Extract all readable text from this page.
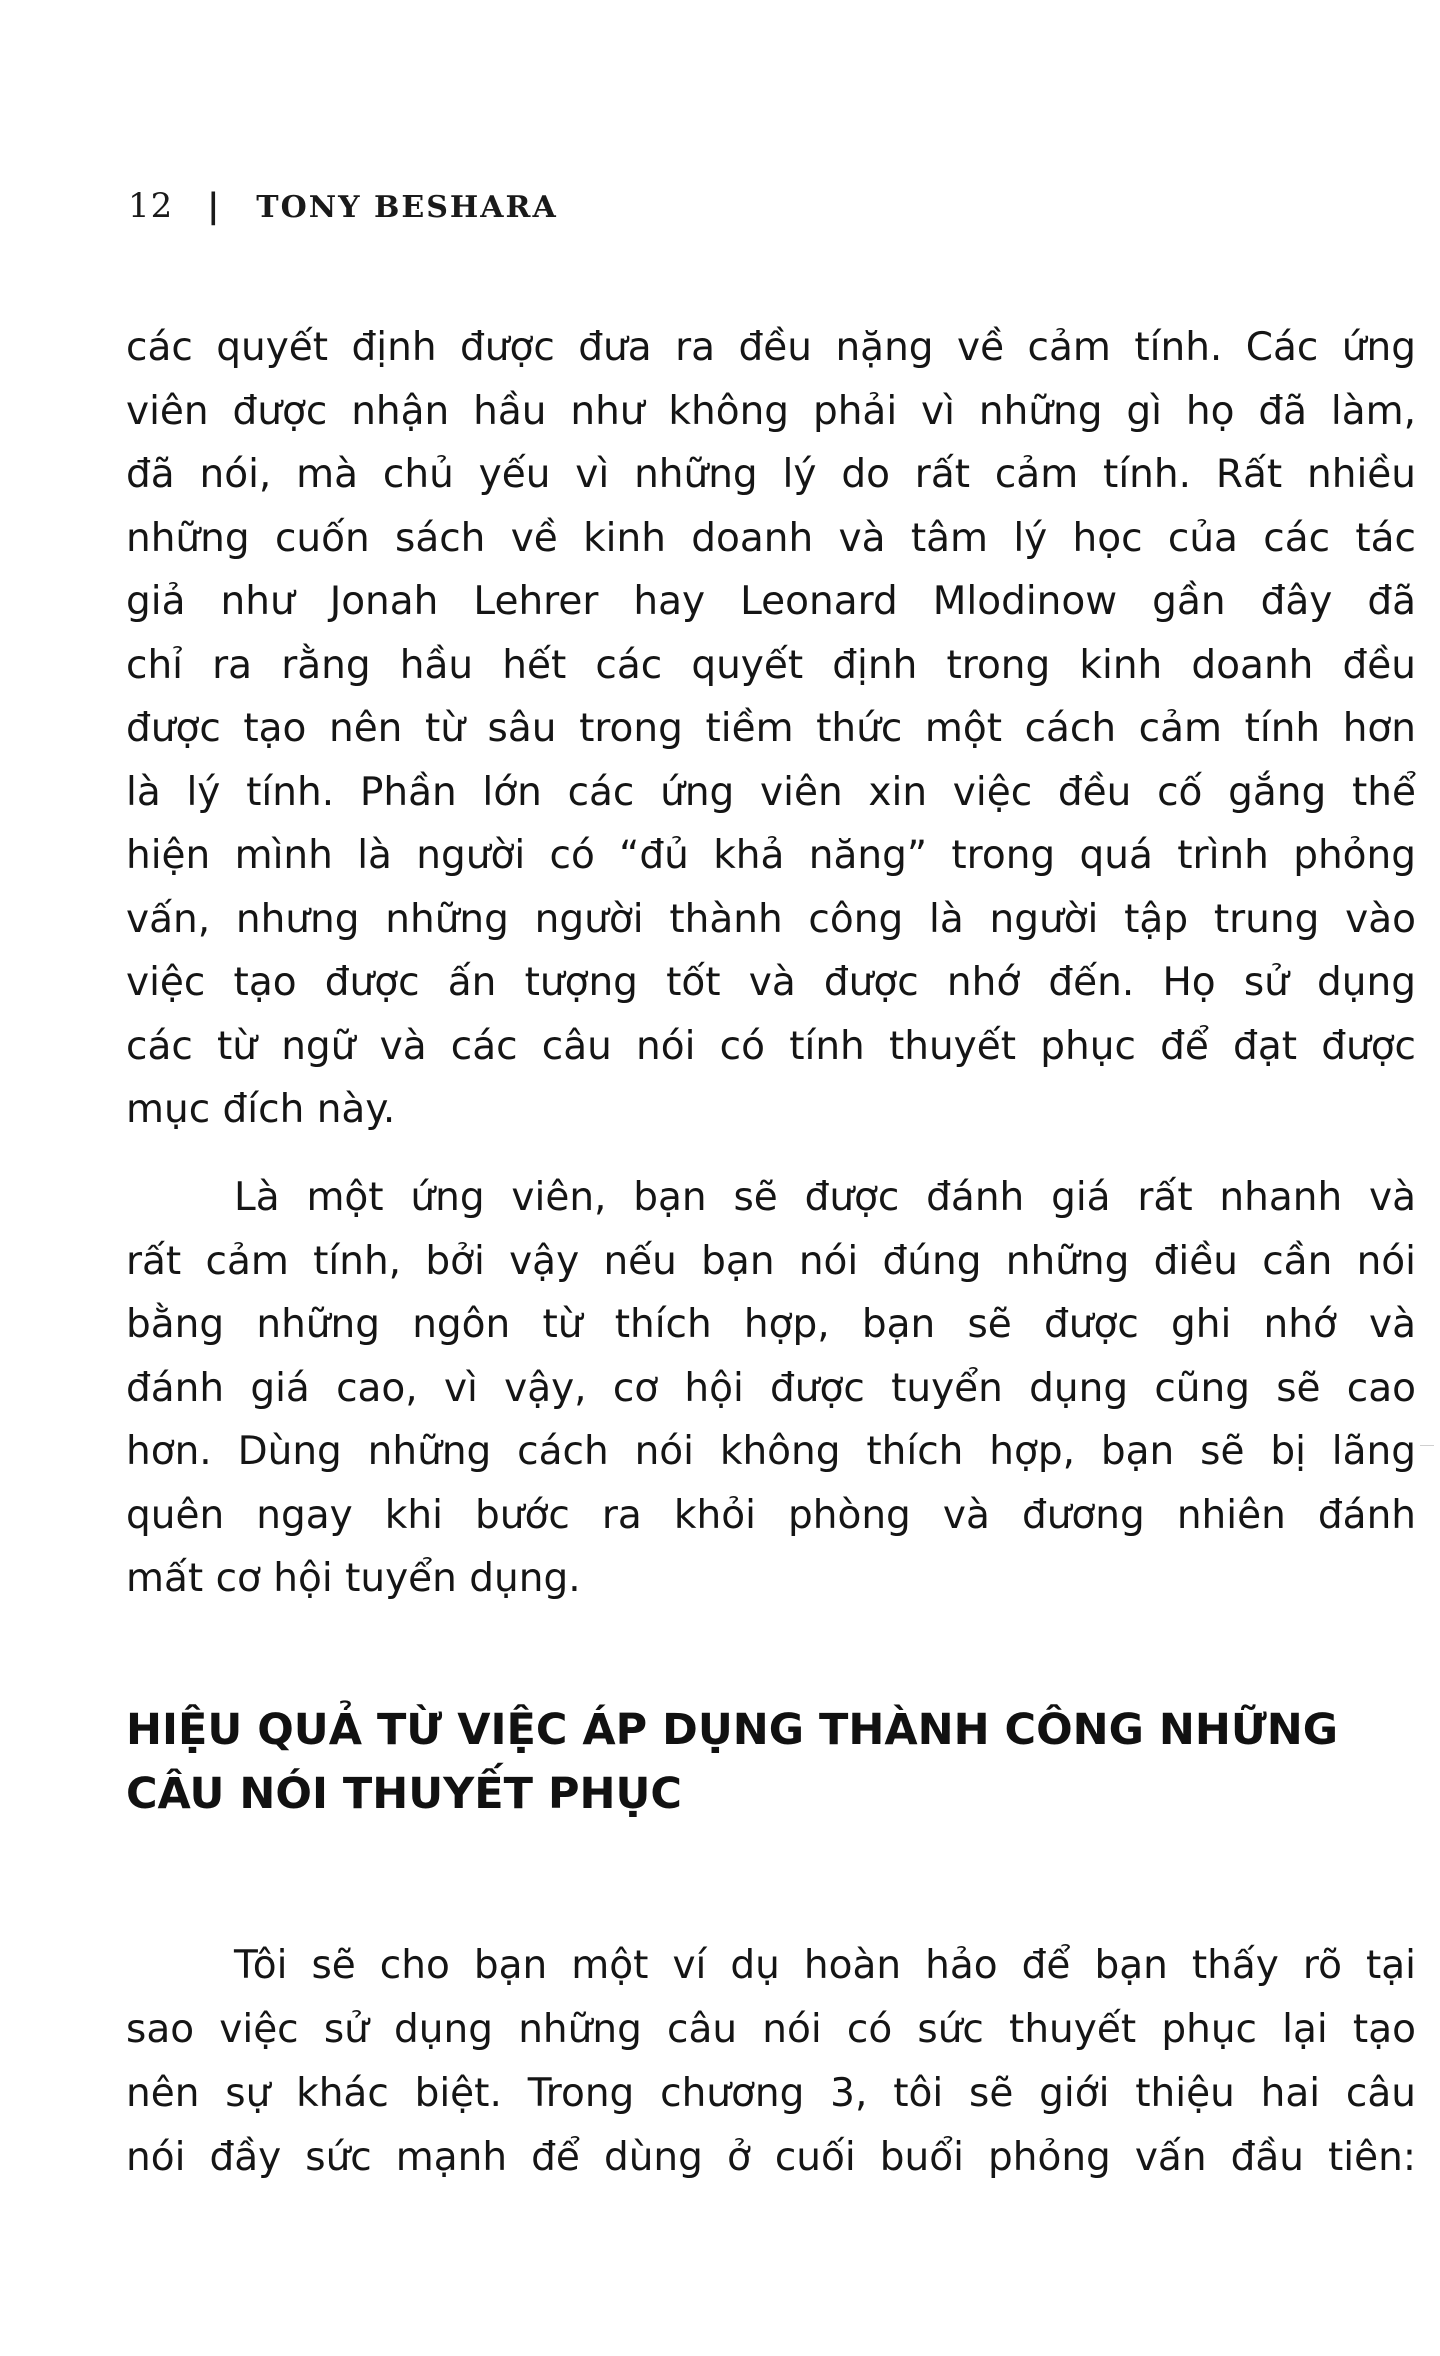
12 | TONY BESHARA
các quyết định được đưa ra đều nặng về cảm tính. Các ứng
viên được nhận hầu như không phải vì những gì họ đã làm,
đã nói, mà chủ yếu vì những lý do rất cảm tính. Rất nhiều
những cuốn sách về kinh doanh và tâm lý học của các tác
giả như Jonah Lehrer hay Leonard Mlodinow gần đây đã
chỉ ra rằng hầu hết các quyết định trong kinh doanh đều
được tạo nên từ sâu trong tiềm thức một cách cảm tính hơn
là lý tính. Phần lớn các ứng viên xin việc đều cố gắng thể
hiện mình là người có “đủ khả năng” trong quá trình phỏng
vấn, nhưng những người thành công là người tập trung vào
việc tạo được ấn tượng tốt và được nhớ đến. Họ sử dụng
các từ ngữ và các câu nói có tính thuyết phục để đạt được
mục đích này.
Là một ứng viên, bạn sẽ được đánh giá rất nhanh và
rất cảm tính, bởi vậy nếu bạn nói đúng những điều cần nói
bằng những ngôn từ thích hợp, bạn sẽ được ghi nhớ và
đánh giá cao, vì vậy, cơ hội được tuyển dụng cũng sẽ cao
hơn. Dùng những cách nói không thích hợp, bạn sẽ bị lãng
quên ngay khi bước ra khỏi phòng và đương nhiên đánh
mất cơ hội tuyển dụng.
HIỆU QUẢ TỪ VIỆC ÁP DỤNG THÀNH CÔNG NHỮNG
CÂU NÓI THUYẾT PHỤC
Tôi sẽ cho bạn một ví dụ hoàn hảo để bạn thấy rõ tại
sao việc sử dụng những câu nói có sức thuyết phục lại tạo
nên sự khác biệt. Trong chương 3, tôi sẽ giới thiệu hai câu
nói đầy sức mạnh để dùng ở cuối buổi phỏng vấn đầu tiên:
